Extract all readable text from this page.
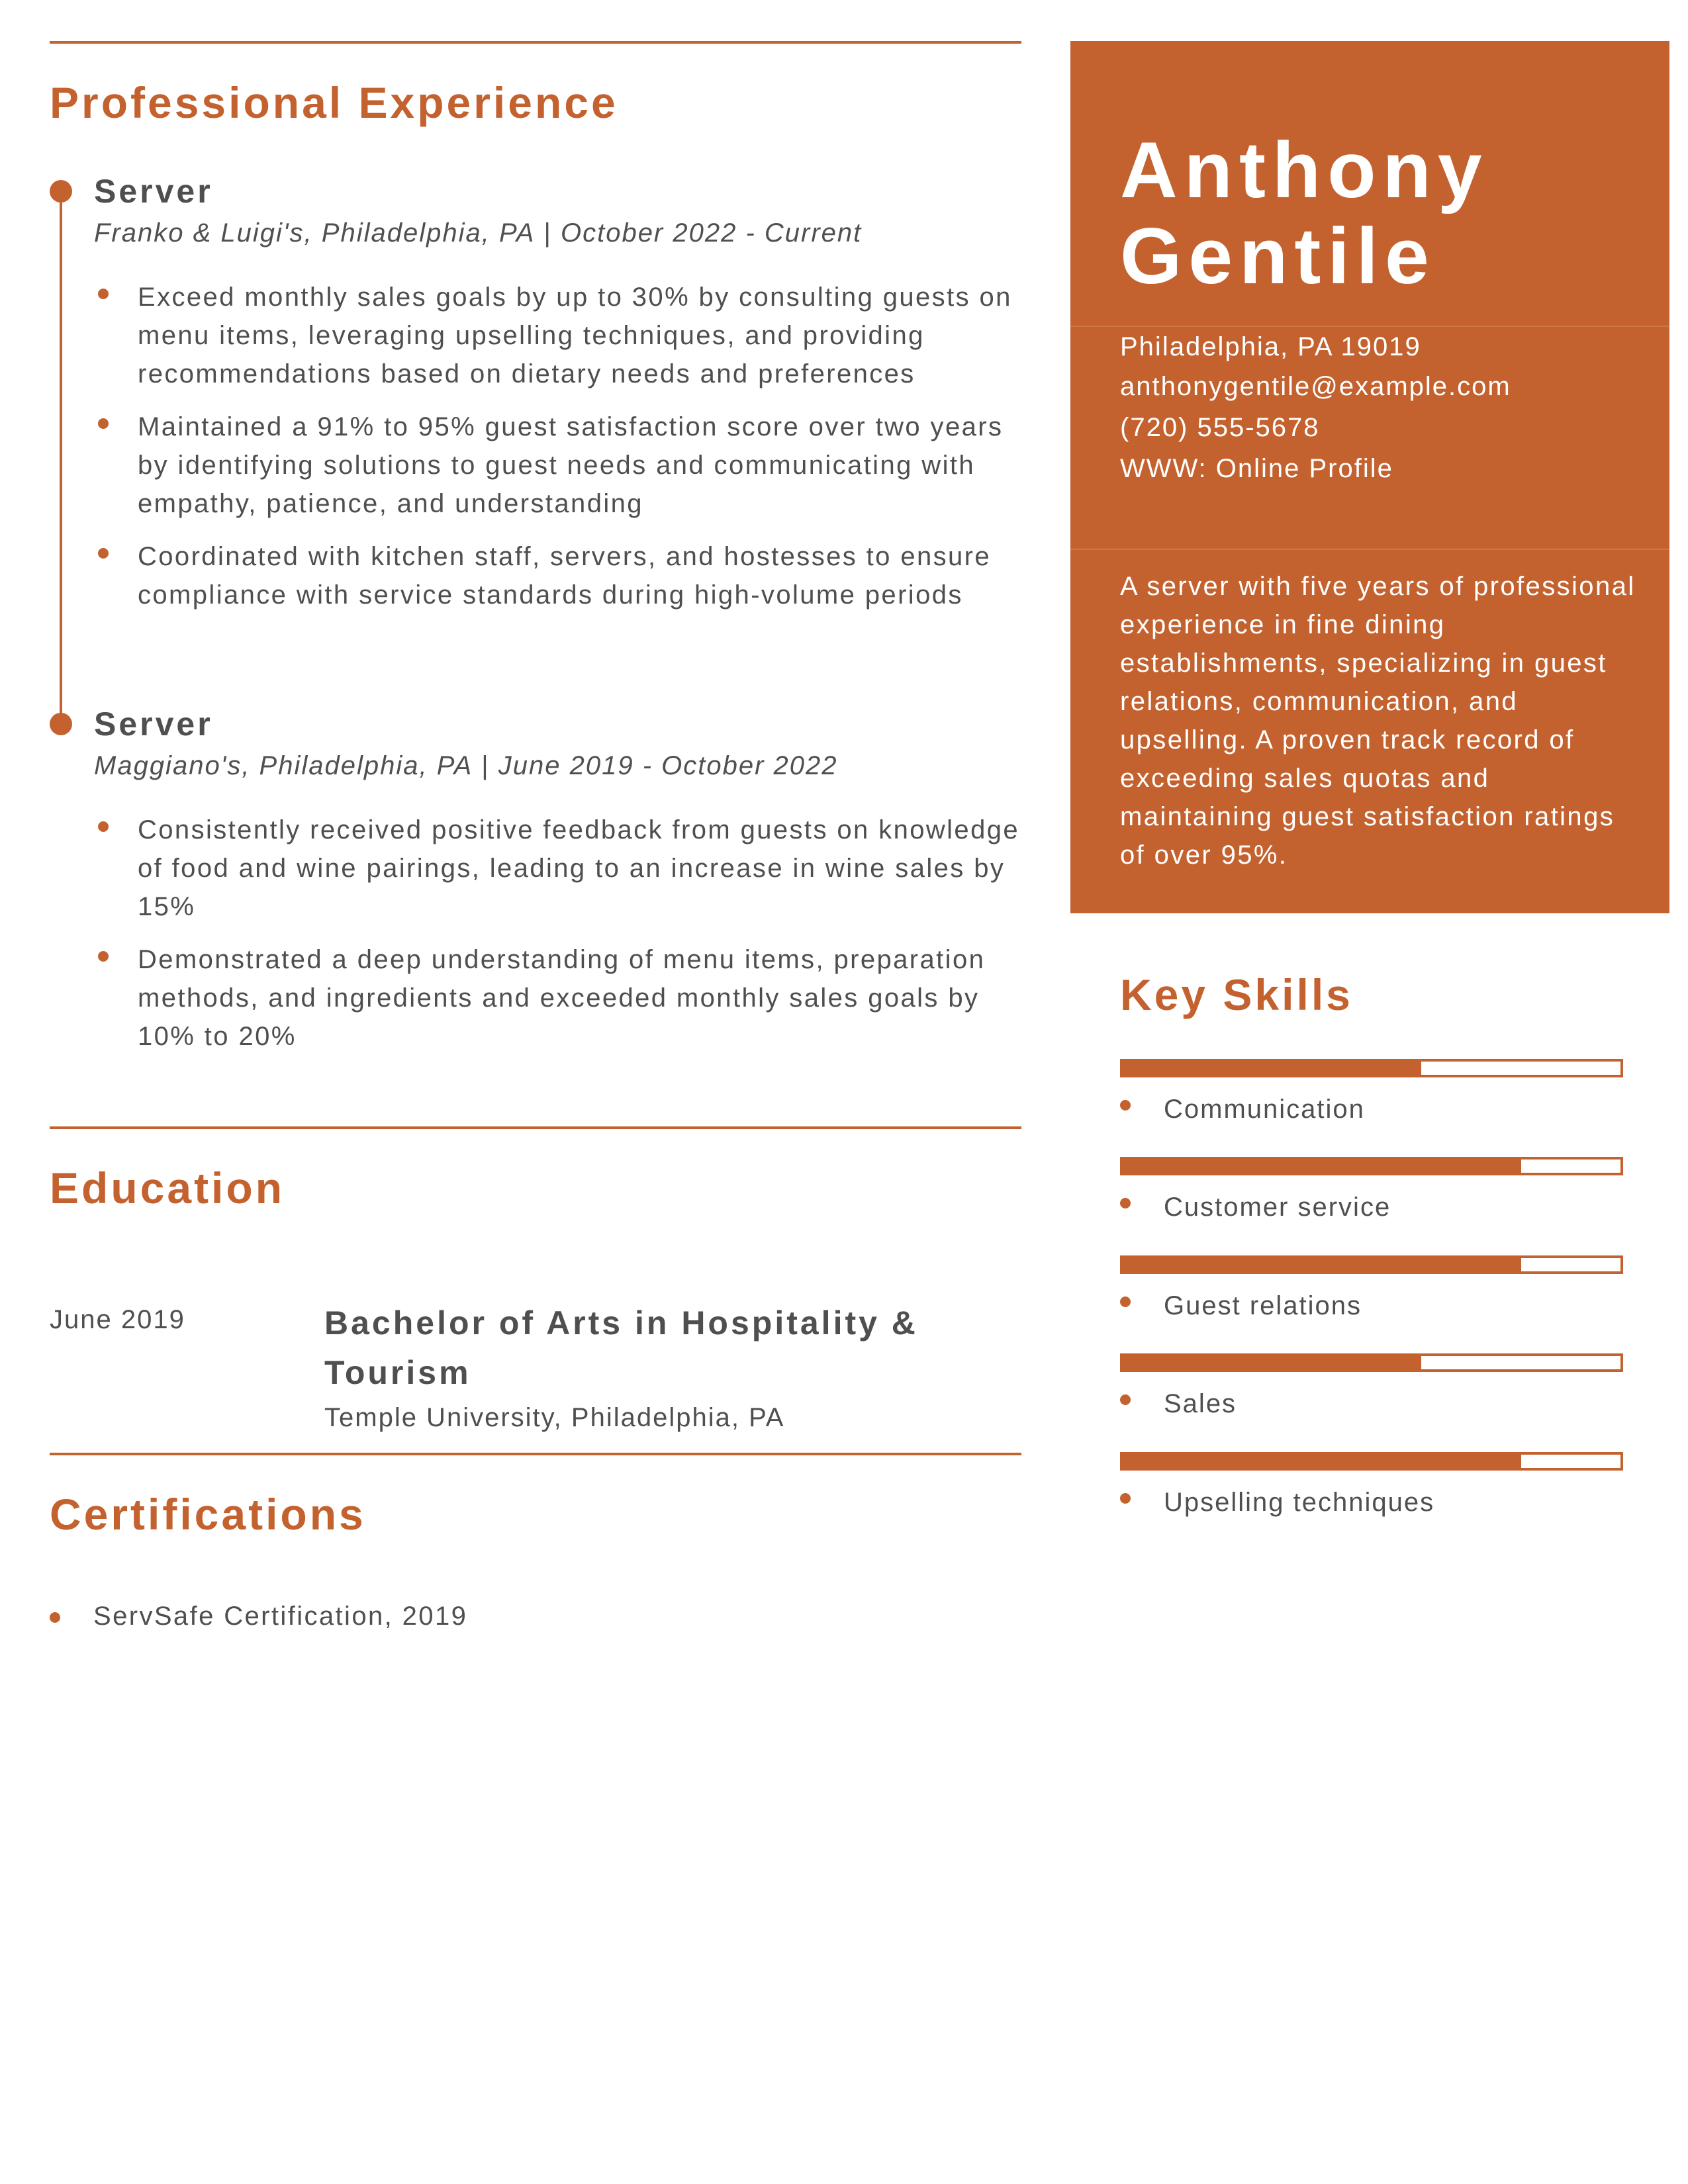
Professional Experience
Server

Franko & Luigi's, Philadelphia, PA | October 2022 - Current

Exceed monthly sales goals by up to 30% by consulting guests on menu items, leveraging upselling techniques, and providing recommendations based on dietary needs and preferences
Maintained a 91% to 95% guest satisfaction score over two years by identifying solutions to guest needs and communicating with empathy, patience, and understanding
Coordinated with kitchen staff, servers, and hostesses to ensure compliance with service standards during high-volume periods
Server

Maggiano's, Philadelphia, PA | June 2019 - October 2022

Consistently received positive feedback from guests on knowledge of food and wine pairings, leading to an increase in wine sales by 15%
Demonstrated a deep understanding of menu items, preparation methods, and ingredients and exceeded monthly sales goals by 10% to 20%
Education
June 2019	Bachelor of Arts in Hospitality & Tourism
Temple University, Philadelphia, PA
Certifications
ServSafe Certification, 2019
Anthony
Gentile
Philadelphia, PA 19019
anthonygentile@example.com
(720) 555-5678
WWW: Online Profile

A server with five years of professional experience in fine dining establishments, specializing in guest relations, communication, and upselling. A proven track record of exceeding sales quotas and maintaining guest satisfaction ratings of over 95%.

Key Skills
Communication
Customer service
Guest relations
Sales
Upselling techniques
